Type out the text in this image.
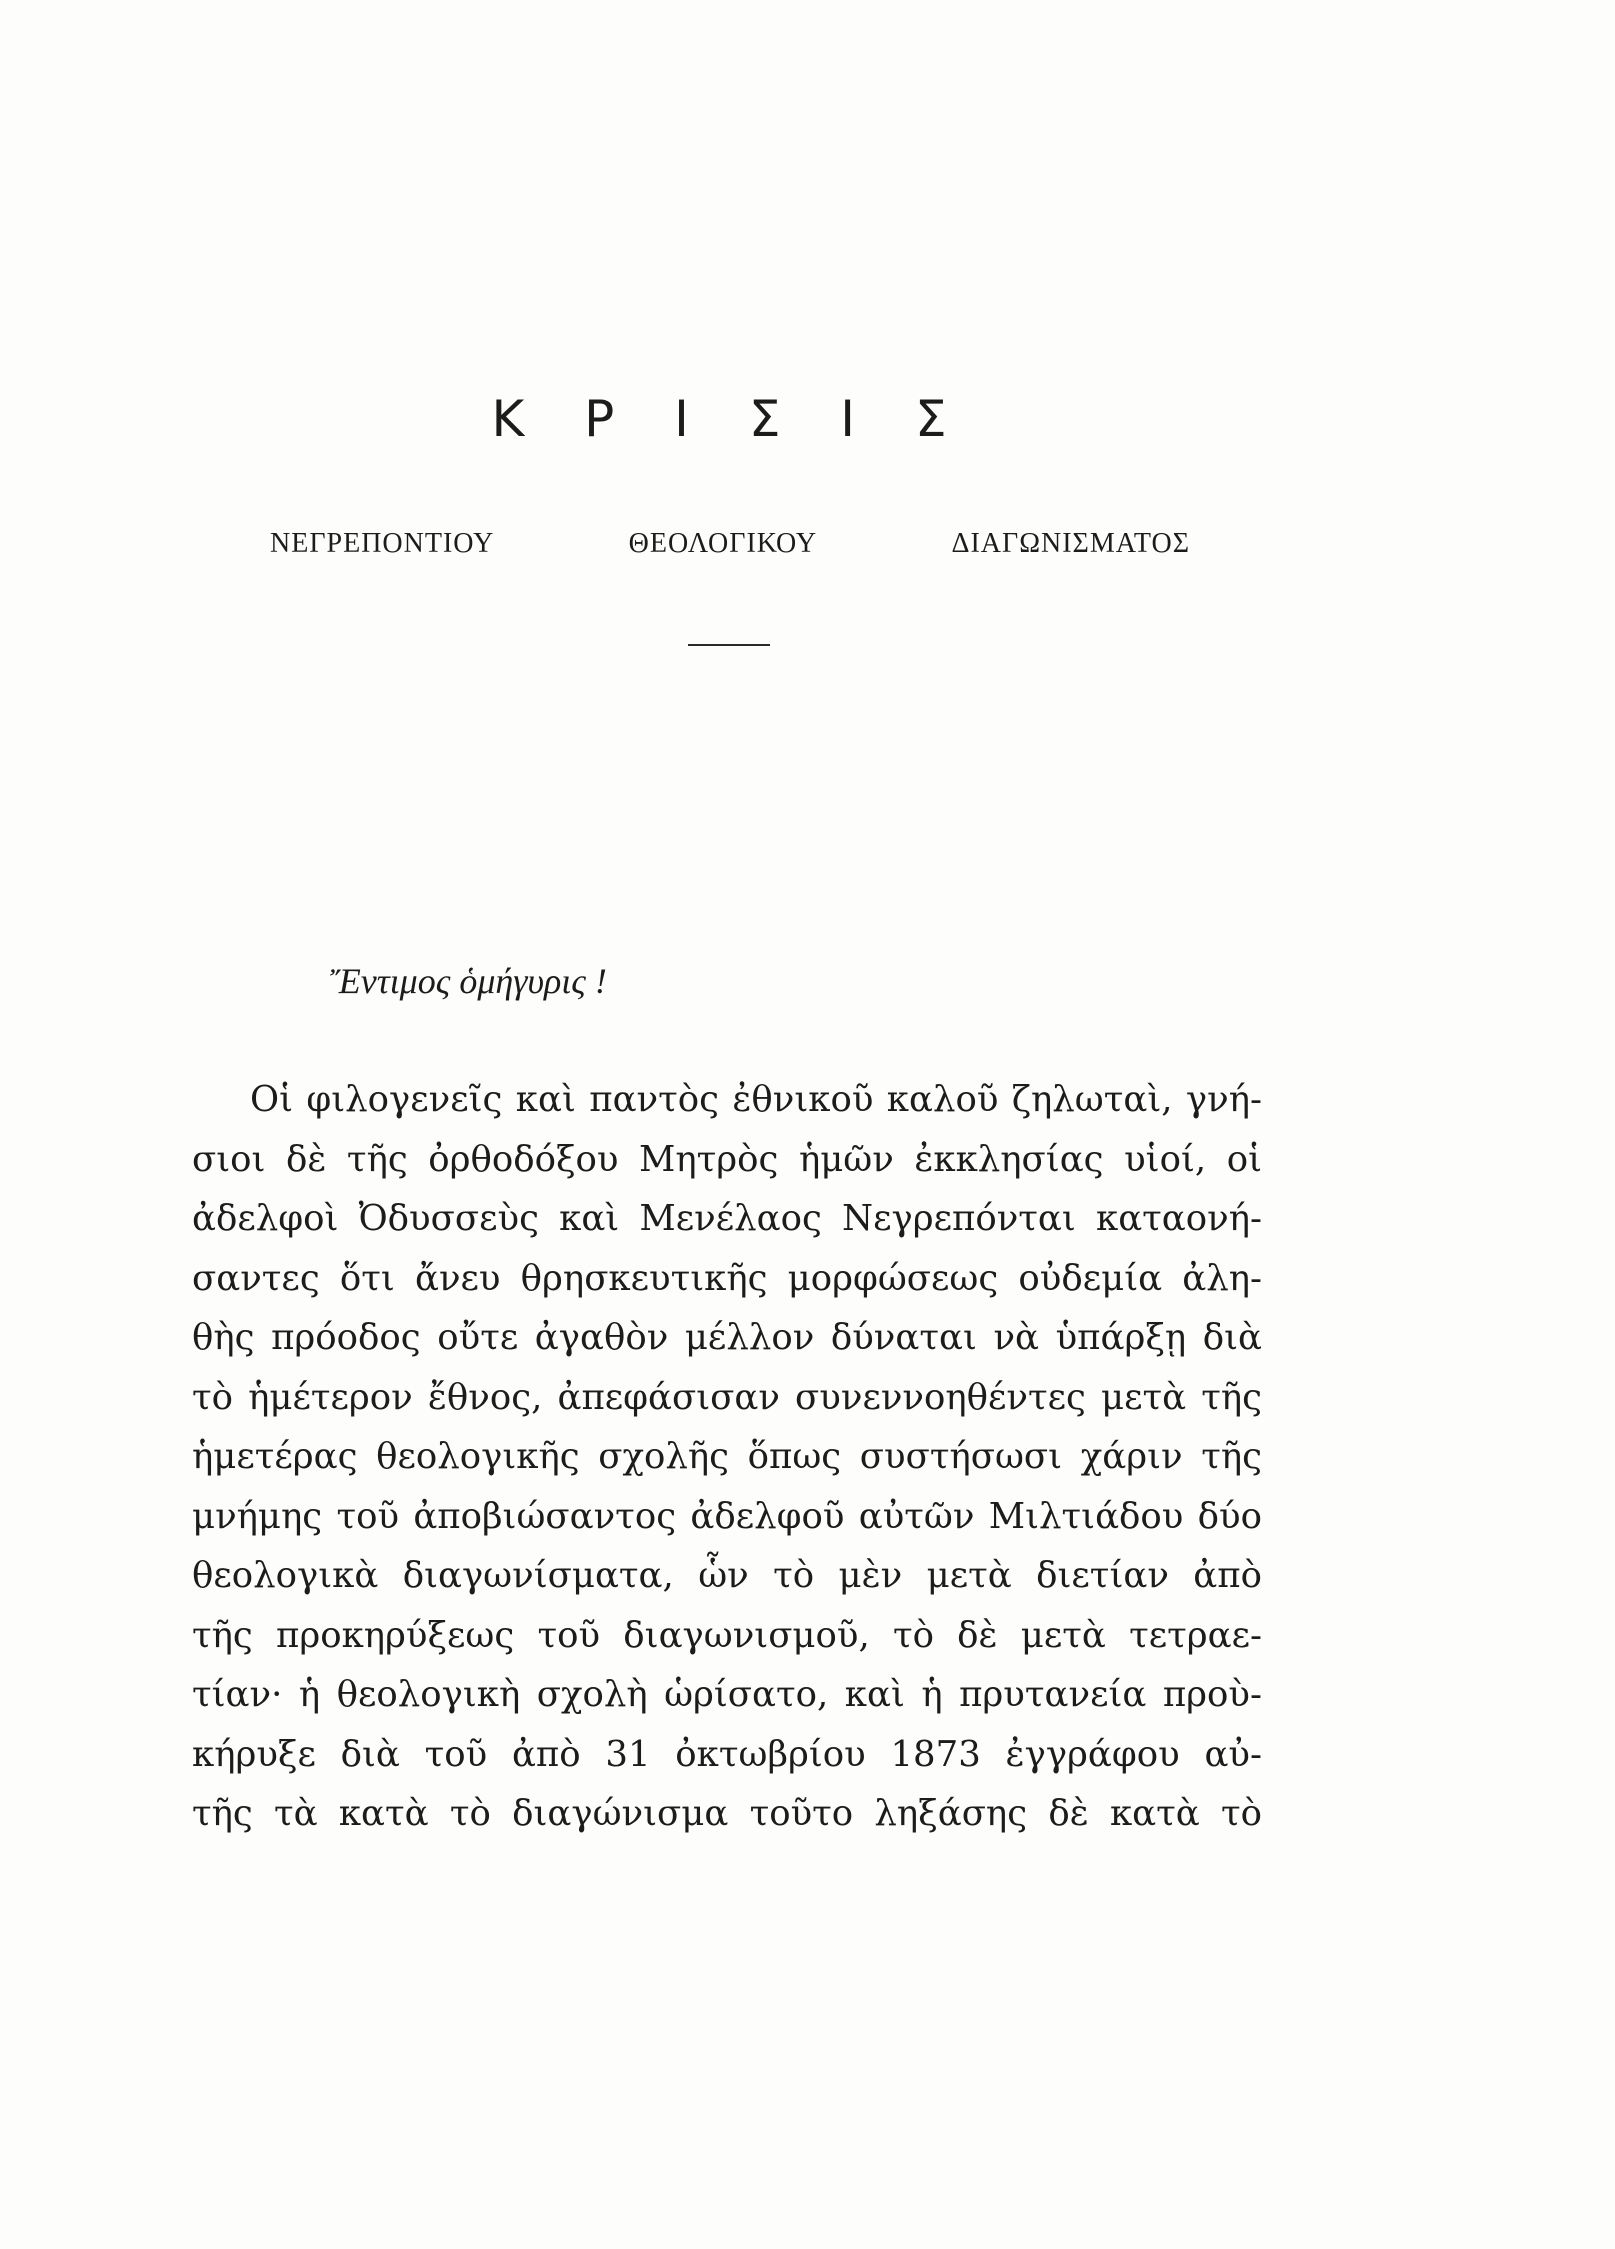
Κ Ρ Ι Σ Ι Σ
ΝΕΓΡΕΠΟΝΤΙΟΥ	ΘΕΟΛΟΓΙΚΟΥ	ΔΙΑΓΩΝΙΣΜΑΤΟΣ
Ἔντιμος ὁμήγυρις !
Οἱ φιλογενεῖς καὶ παντὸς ἐθνικοῦ καλοῦ ζηλωταὶ, γνή-
σιοι δὲ τῆς ὀρθοδόξου Μητρὸς ἡμῶν ἐκκλησίας υἱοί, οἱ
ἀδελφοὶ Ὀδυσσεὺς καὶ Μενέλαος Νεγρεπόνται καταονή-
σαντες ὅτι ἄνευ θρησκευτικῆς μορφώσεως οὐδεμία ἀλη-
θὴς πρόοδος οὔτε ἀγαθὸν μέλλον δύναται νὰ ὑπάρξῃ διὰ
τὸ ἡμέτερον ἔθνος, ἀπεφάσισαν συνεννοηθέντες μετὰ τῆς
ἡμετέρας θεολογικῆς σχολῆς ὅπως συστήσωσι χάριν τῆς
μνήμης τοῦ ἀποβιώσαντος ἀδελφοῦ αὐτῶν Μιλτιάδου δύο
θεολογικὰ διαγωνίσματα, ὧν τὸ μὲν μετὰ διετίαν ἀπὸ
τῆς προκηρύξεως τοῦ διαγωνισμοῦ, τὸ δὲ μετὰ τετραε-
τίαν· ἡ θεολογικὴ σχολὴ ὡρίσατο, καὶ ἡ πρυτανεία προὺ-
κήρυξε διὰ τοῦ ἀπὸ 31 ὀκτωβρίου 1873 ἐγγράφου αὐ-
τῆς τὰ κατὰ τὸ διαγώνισμα τοῦτο ληξάσης δὲ κατὰ τὸ
